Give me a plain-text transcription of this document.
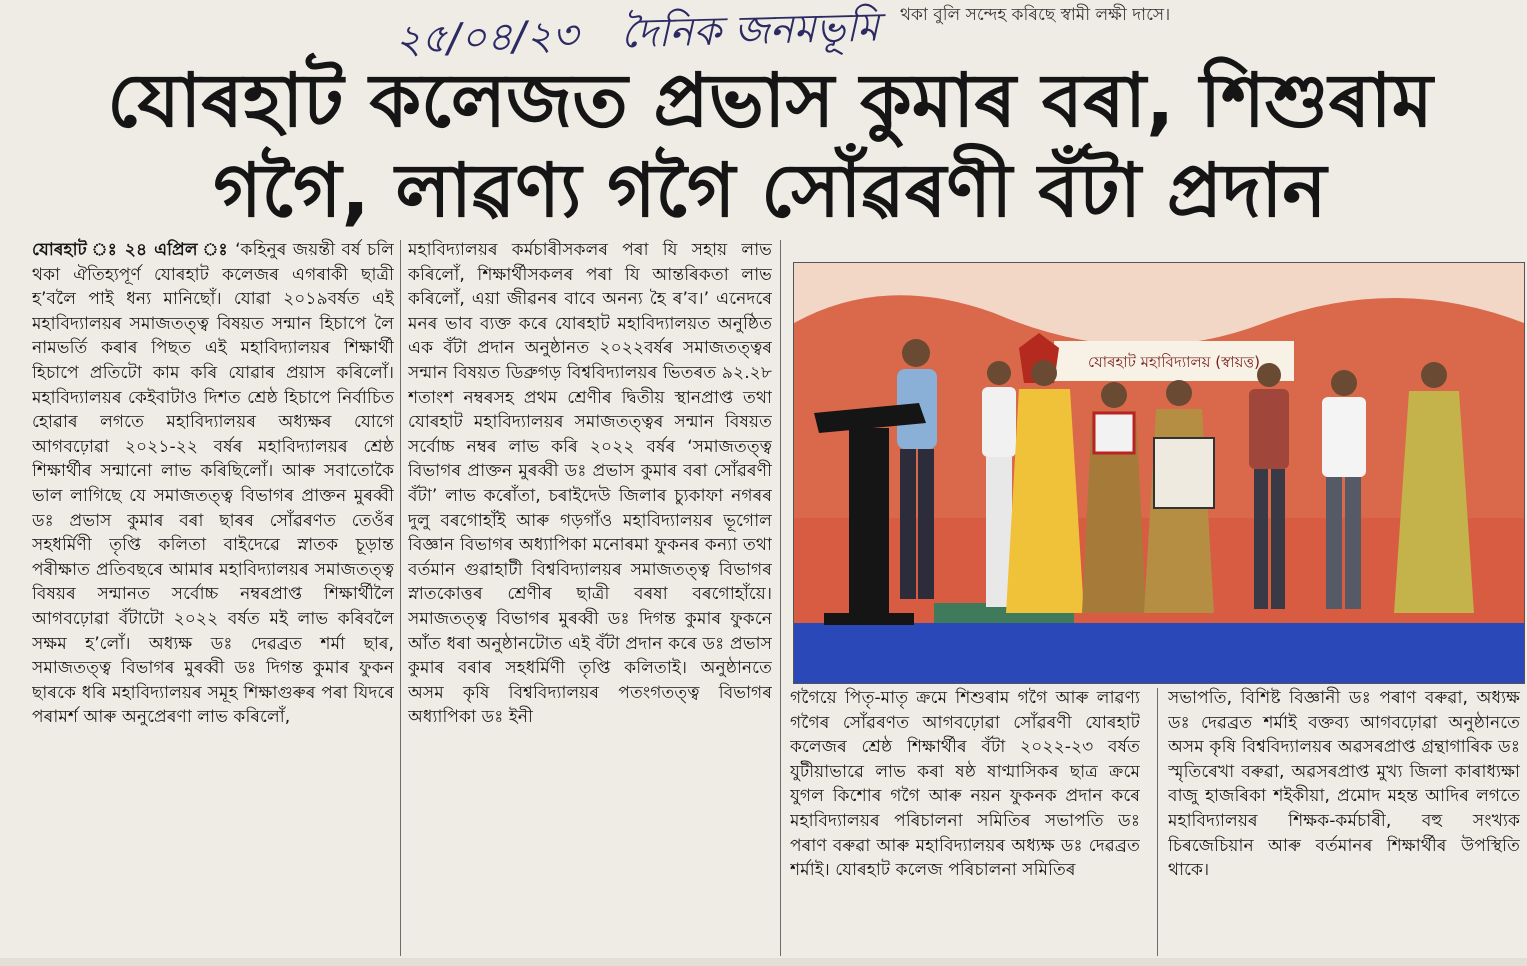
থকা বুলি সন্দেহ কৰিছে স্বামী লক্ষী দাসে।
২৫/০৪/২৩ দৈনিক জনমভূমি
যোৰহাট কলেজত প্ৰভাস কুমাৰ বৰা, শিশুৰাম
গগৈ, লাৱণ্য গগৈ সোঁৱৰণী বঁটা প্ৰদান
যোৰহাট ঃ ২৪ এপ্ৰিল ঃ ‘কহিনুৰ জয়ন্তী বৰ্ষ চলি থকা ঐতিহ্যপূৰ্ণ যোৰহাট কলেজৰ এগৰাকী ছাত্ৰী হ’বলৈ পাই ধন্য মানিছোঁ। যোৱা ২০১৯বৰ্ষত এই মহাবিদ্যালয়ৰ সমাজতত্ত্ব বিষয়ত সন্মান হিচাপে লৈ নামভৰ্তি কৰাৰ পিছত এই মহাবিদ্যালয়ৰ শিক্ষাৰ্থী হিচাপে প্ৰতিটো কাম কৰি যোৱাৰ প্ৰয়াস কৰিলোঁ। মহাবিদ্যালয়ৰ কেইবাটাও দিশত শ্ৰেষ্ঠ হিচাপে নিৰ্বাচিত হোৱাৰ লগতে মহাবিদ্যালয়ৰ অধ্যক্ষৰ যোগে আগবঢ়োৱা ২০২১-২২ বৰ্ষৰ মহাবিদ্যালয়ৰ শ্ৰেষ্ঠ শিক্ষাৰ্থীৰ সন্মানো লাভ কৰিছিলোঁ। আৰু সবাতোকৈ ভাল লাগিছে যে সমাজতত্ত্ব বিভাগৰ প্ৰাক্তন মুৰব্বী ডঃ প্ৰভাস কুমাৰ বৰা ছাৰৰ সোঁৱৰণত তেওঁৰ সহধৰ্মিণী তৃপ্তি কলিতা বাইদেৱে স্নাতক চূড়ান্ত পৰীক্ষাত প্ৰতিবছৰে আমাৰ মহাবিদ্যালয়ৰ সমাজতত্ত্ব বিষয়ৰ সন্মানত সৰ্বোচ্চ নম্বৰপ্ৰাপ্ত শিক্ষাৰ্থীলৈ আগবঢ়োৱা বঁটাটো ২০২২ বৰ্ষত মই লাভ কৰিবলৈ সক্ষম হ’লোঁ। অধ্যক্ষ ডঃ দেৱব্ৰত শৰ্মা ছাৰ, সমাজতত্ত্ব বিভাগৰ মুৰব্বী ডঃ দিগন্ত কুমাৰ ফুকন ছাৰকে ধৰি মহাবিদ্যালয়ৰ সমূহ শিক্ষাগুৰুৰ পৰা যিদৰে পৰামৰ্শ আৰু অনুপ্ৰেৰণা লাভ কৰিলোঁ,
মহাবিদ্যালয়ৰ কৰ্মচাৰীসকলৰ পৰা যি সহায় লাভ কৰিলোঁ, শিক্ষাৰ্থীসকলৰ পৰা যি আন্তৰিকতা লাভ কৰিলোঁ, এয়া জীৱনৰ বাবে অনন্য হৈ ৰ’ব।’ এনেদৰে মনৰ ভাব ব্যক্ত কৰে যোৰহাট মহাবিদ্যালয়ত অনুষ্ঠিত এক বঁটা প্ৰদান অনুষ্ঠানত ২০২২বৰ্ষৰ সমাজতত্ত্বৰ সন্মান বিষয়ত ডিব্ৰুগড় বিশ্ববিদ্যালয়ৰ ভিতৰত ৯২.২৮ শতাংশ নম্বৰসহ প্ৰথম শ্ৰেণীৰ দ্বিতীয় স্থানপ্ৰাপ্ত তথা যোৰহাট মহাবিদ্যালয়ৰ সমাজতত্ত্বৰ সন্মান বিষয়ত সৰ্বোচ্চ নম্বৰ লাভ কৰি ২০২২ বৰ্ষৰ ‘সমাজতত্ত্ব বিভাগৰ প্ৰাক্তন মুৰব্বী ডঃ প্ৰভাস কুমাৰ বৰা সোঁৱৰণী বঁটা’ লাভ কৰোঁতা, চৰাইদেউ জিলাৰ চ্যুকাফা নগৰৰ দুলু বৰগোহাঁই আৰু গড়গাঁও মহাবিদ্যালয়ৰ ভূগোল বিজ্ঞান বিভাগৰ অধ্যাপিকা মনোৰমা ফুকনৰ কন্যা তথা বৰ্তমান গুৱাহাটী বিশ্ববিদ্যালয়ৰ সমাজতত্ত্ব বিভাগৰ স্নাতকোত্তৰ শ্ৰেণীৰ ছাত্ৰী বৰষা বৰগোহাঁয়ে। সমাজতত্ত্ব বিভাগৰ মুৰব্বী ডঃ দিগন্ত কুমাৰ ফুকনে আঁত ধৰা অনুষ্ঠানটোত এই বঁটা প্ৰদান কৰে ডঃ প্ৰভাস কুমাৰ বৰাৰ সহধৰ্মিণী তৃপ্তি কলিতাই। অনুষ্ঠানতে অসম কৃষি বিশ্ববিদ্যালয়ৰ পতংগতত্ত্ব বিভাগৰ অধ্যাপিকা ডঃ ইনী
যোৰহাট মহাবিদ্যালয় (স্বায়ত্ত)
গগৈয়ে পিতৃ-মাতৃ ক্ৰমে শিশুৰাম গগৈ আৰু লাৱণ্য গগৈৰ সোঁৱৰণত আগবঢ়োৱা সোঁৱৰণী যোৰহাট কলেজৰ শ্ৰেষ্ঠ শিক্ষাৰ্থীৰ বঁটা ২০২২-২৩ বৰ্ষত যুটীয়াভাৱে লাভ কৰা ষষ্ঠ ষাণ্মাসিকৰ ছাত্ৰ ক্ৰমে যুগল কিশোৰ গগৈ আৰু নয়ন ফুকনক প্ৰদান কৰে মহাবিদ্যালয়ৰ পৰিচালনা সমিতিৰ সভাপতি ডঃ পৰাণ বৰুৱা আৰু মহাবিদ্যালয়ৰ অধ্যক্ষ ডঃ দেৱব্ৰত শৰ্মাই। যোৰহাট কলেজ পৰিচালনা সমিতিৰ
সভাপতি, বিশিষ্ট বিজ্ঞানী ডঃ পৰাণ বৰুৱা, অধ্যক্ষ ডঃ দেৱব্ৰত শৰ্মাই বক্তব্য আগবঢ়োৱা অনুষ্ঠানতে অসম কৃষি বিশ্ববিদ্যালয়ৰ অৱসৰপ্ৰাপ্ত গ্ৰন্থাগাৰিক ডঃ স্মৃতিৰেখা বৰুৱা, অৱসৰপ্ৰাপ্ত মুখ্য জিলা কাৰাধ্যক্ষা বাজু হাজৰিকা শইকীয়া, প্ৰমোদ মহন্ত আদিৰ লগতে মহাবিদ্যালয়ৰ শিক্ষক-কৰ্মচাৰী, বহু সংখ্যক চিৰজেচিয়ান আৰু বৰ্তমানৰ শিক্ষাৰ্থীৰ উপস্থিতি থাকে।
